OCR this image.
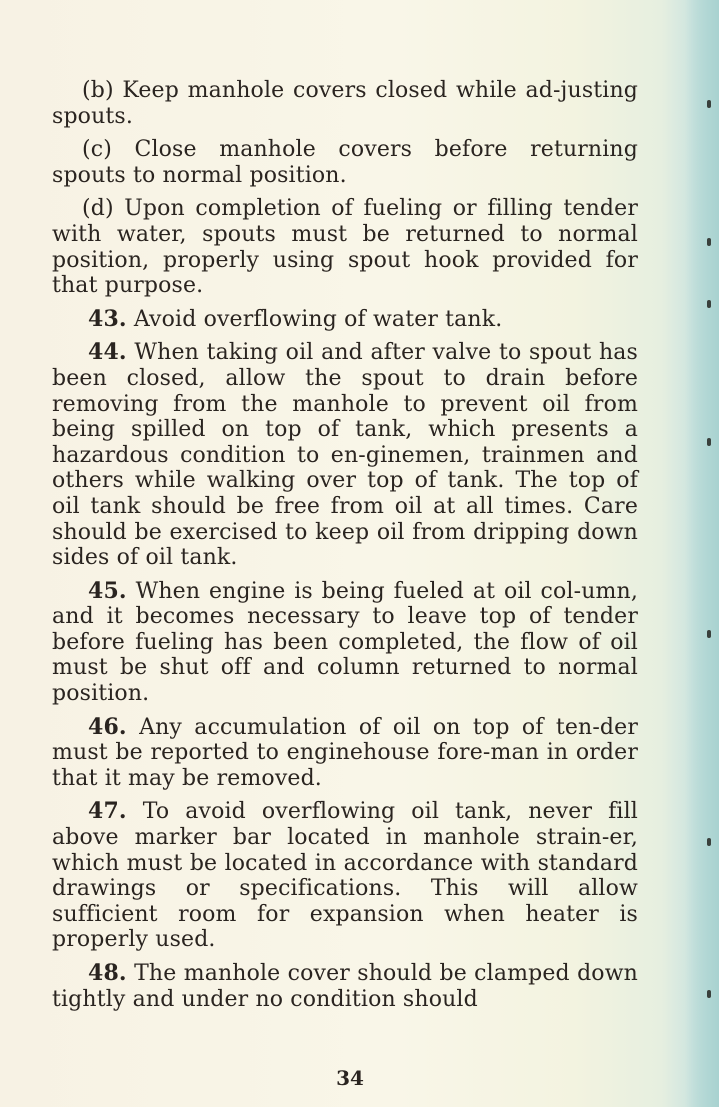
(b) Keep manhole covers closed while ad-justing spouts.

(c) Close manhole covers before returning spouts to normal position.

(d) Upon completion of fueling or filling tender with water, spouts must be returned to normal position, properly using spout hook provided for that purpose.

43. Avoid overflowing of water tank.

44. When taking oil and after valve to spout has been closed, allow the spout to drain before removing from the manhole to prevent oil from being spilled on top of tank, which presents a hazardous condition to en-ginemen, trainmen and others while walking over top of tank. The top of oil tank should be free from oil at all times. Care should be exercised to keep oil from dripping down sides of oil tank.

45. When engine is being fueled at oil col-umn, and it becomes necessary to leave top of tender before fueling has been completed, the flow of oil must be shut off and column returned to normal position.

46. Any accumulation of oil on top of ten-der must be reported to enginehouse fore-man in order that it may be removed.

47. To avoid overflowing oil tank, never fill above marker bar located in manhole strain-er, which must be located in accordance with standard drawings or specifications. This will allow sufficient room for expansion when heater is properly used.

48. The manhole cover should be clamped down tightly and under no condition should

34
